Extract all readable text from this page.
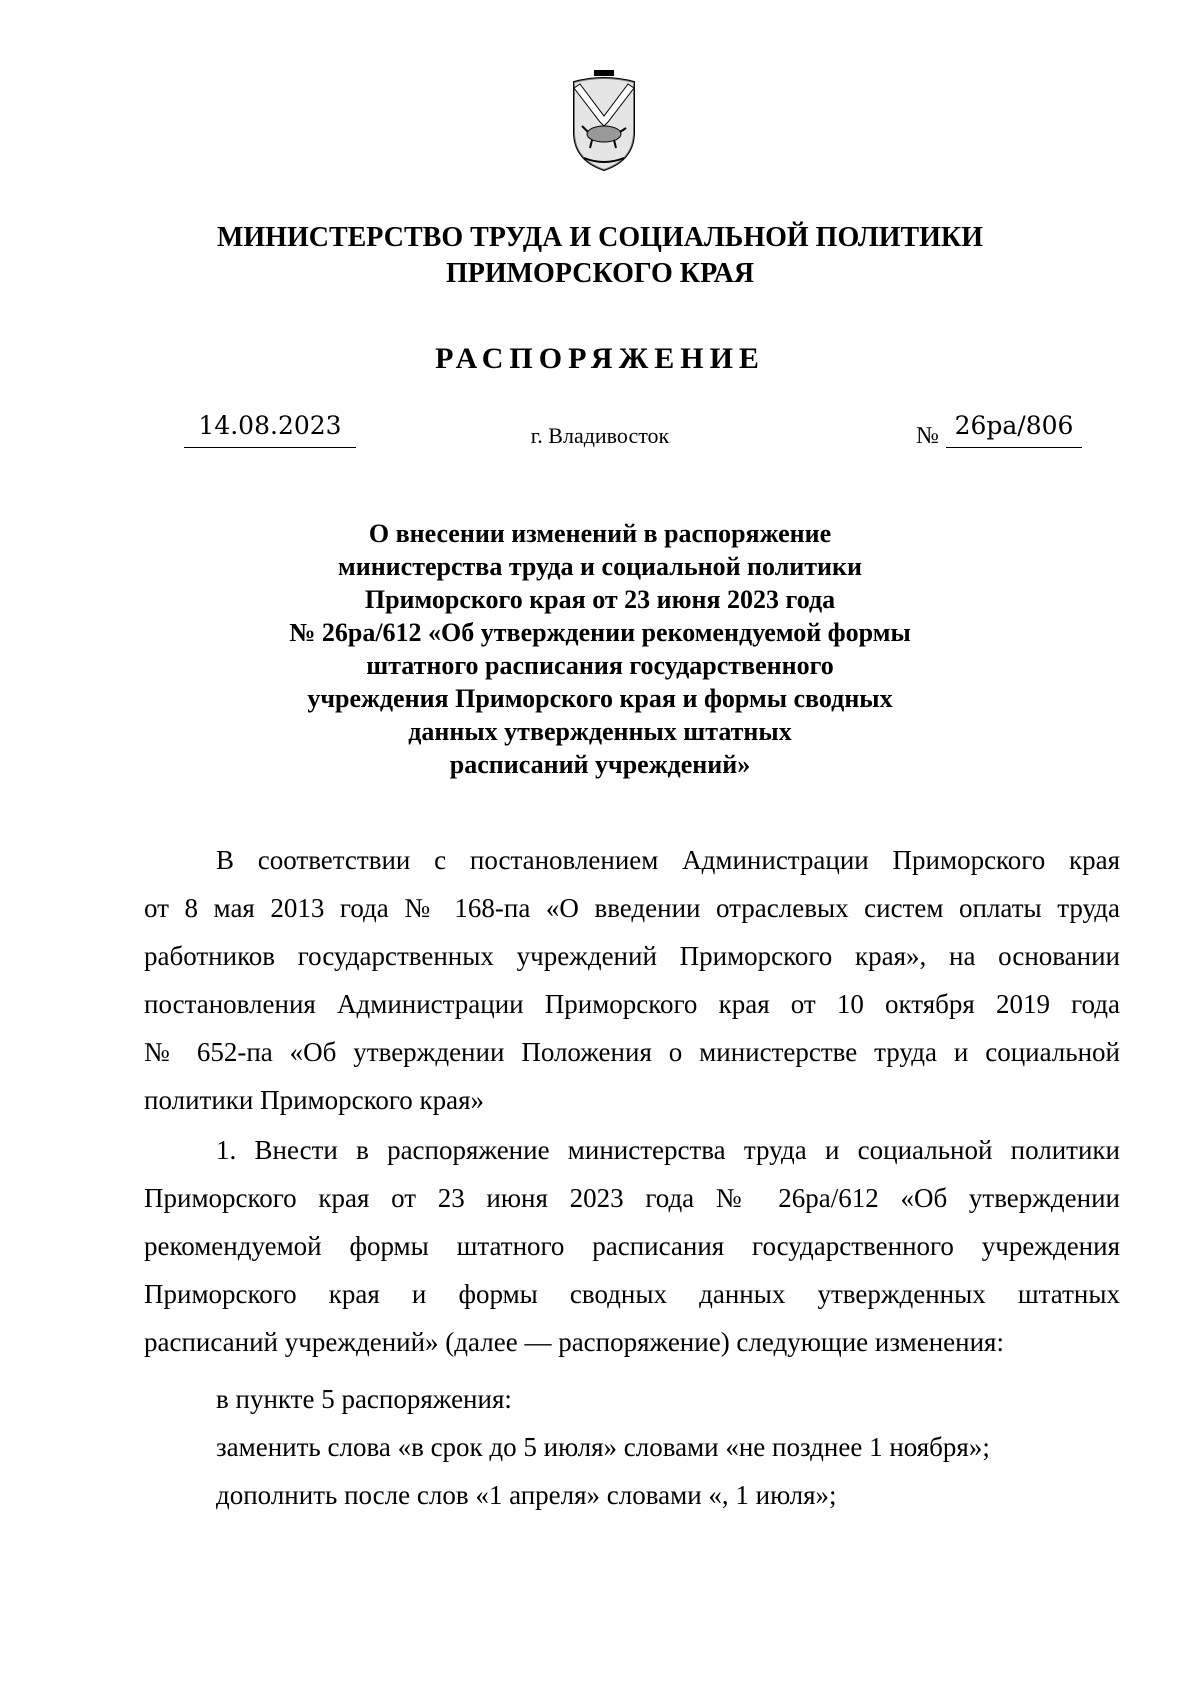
МИНИСТЕРСТВО ТРУДА И СОЦИАЛЬНОЙ ПОЛИТИКИ
ПРИМОРСКОГО КРАЯ
РАСПОРЯЖЕНИЕ
14.08.2023	г. Владивосток	№ 26ра/806
О внесении изменений в распоряжение
министерства труда и социальной политики
Приморского края от 23 июня 2023 года
№ 26ра/612 «Об утверждении рекомендуемой формы
штатного расписания государственного
учреждения Приморского края и формы сводных
данных утвержденных штатных
расписаний учреждений»
В соответствии с постановлением Администрации Приморского края
от 8 мая 2013 года № 168-па «О введении отраслевых систем оплаты труда
работников государственных учреждений Приморского края», на основании
постановления Администрации Приморского края от 10 октября 2019 года
№ 652-па «Об утверждении Положения о министерстве труда и социальной
политики Приморского края»
1. Внести в распоряжение министерства труда и социальной политики
Приморского края от 23 июня 2023 года № 26ра/612 «Об утверждении
рекомендуемой формы штатного расписания государственного учреждения
Приморского края и формы сводных данных утвержденных штатных
расписаний учреждений» (далее — распоряжение) следующие изменения:
в пункте 5 распоряжения:
заменить слова «в срок до 5 июля» словами «не позднее 1 ноября»;
дополнить после слов «1 апреля» словами «, 1 июля»;
